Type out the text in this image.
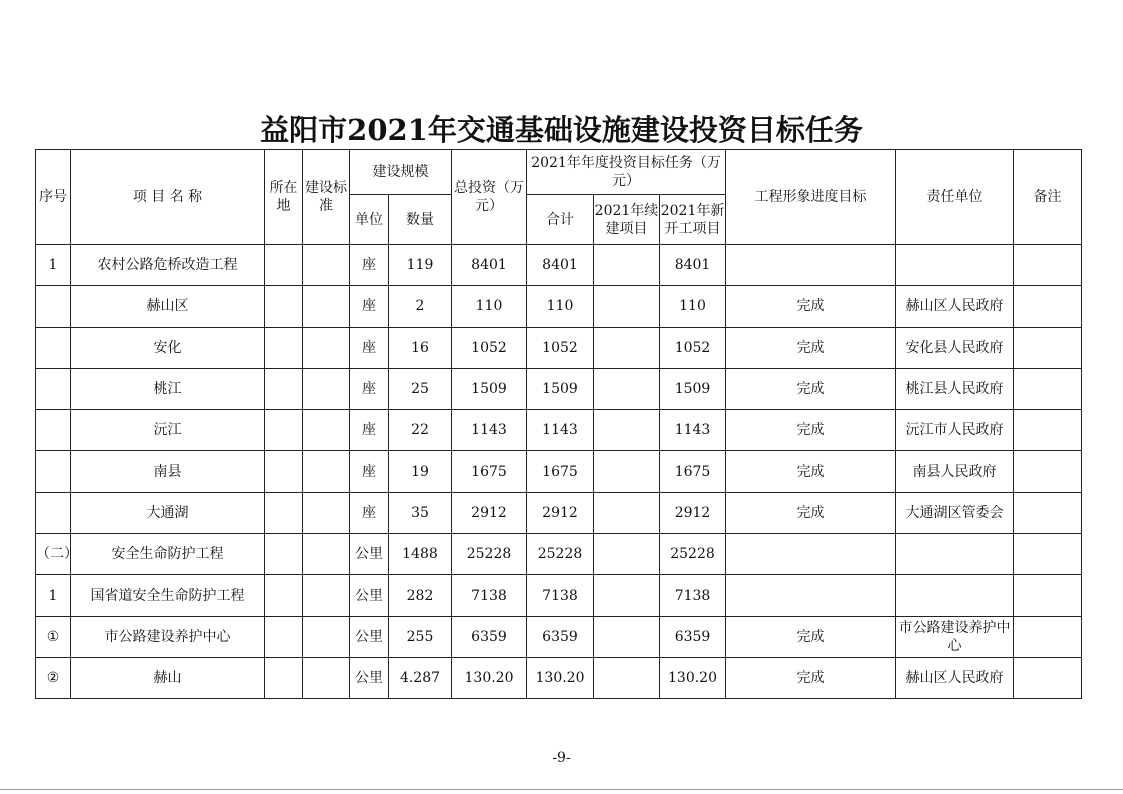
益阳市2021年交通基础设施建设投资目标任务
序号	项 目 名 称	所在地	建设标准	建设规模		总投资（万元）	2021年年度投资目标任务（万元）			工程形象进度目标	责任单位	备注
				单位	数量		合计	2021年续建项目	2021年新开工项目			
1	农村公路危桥改造工程			座	119	8401	8401		8401			
	赫山区			座	2	110	110		110	完成	赫山区人民政府	
	安化			座	16	1052	1052		1052	完成	安化县人民政府	
	桃江			座	25	1509	1509		1509	完成	桃江县人民政府	
	沅江			座	22	1143	1143		1143	完成	沅江市人民政府	
	南县			座	19	1675	1675		1675	完成	南县人民政府	
	大通湖			座	35	2912	2912		2912	完成	大通湖区管委会	
（二）	安全生命防护工程			公里	1488	25228	25228		25228			
1	国省道安全生命防护工程			公里	282	7138	7138		7138			
①	市公路建设养护中心			公里	255	6359	6359		6359	完成	市公路建设养护中心	
②	赫山			公里	4.287	130.20	130.20		130.20	完成	赫山区人民政府	
-9-
